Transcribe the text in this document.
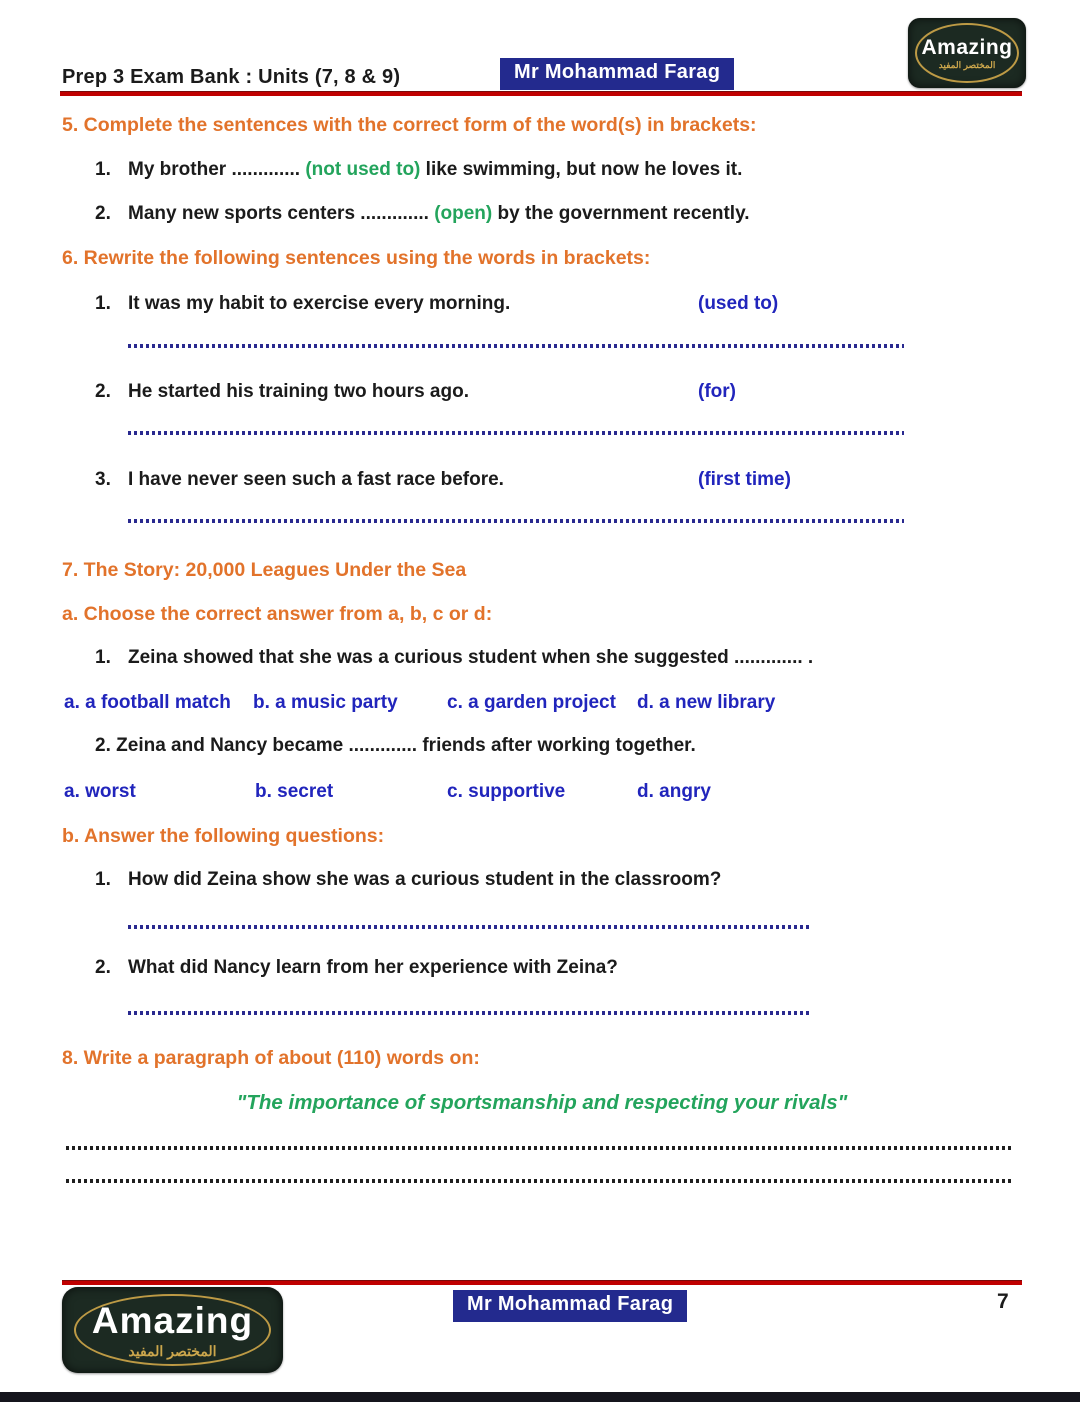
Prep 3 Exam Bank : Units (7, 8 & 9)	Mr Mohammad Farag
Amazing
المختصر المفيد
5. Complete the sentences with the correct form of the word(s) in brackets:
1. My brother ............. (not used to) like swimming, but now he loves it.
2. Many new sports centers ............. (open) by the government recently.
6. Rewrite the following sentences using the words in brackets:
1. It was my habit to exercise every morning.	(used to)
2. He started his training two hours ago.	(for)
3. I have never seen such a fast race before.	(first time)
7. The Story: 20,000 Leagues Under the Sea
a. Choose the correct answer from a, b, c or d:
1. Zeina showed that she was a curious student when she suggested ............. .
a. a football match b. a music party	c. a garden project d. a new library
2. Zeina and Nancy became ............. friends after working together.
a. worst	b. secret	c. supportive	d. angry
b. Answer the following questions:
1. How did Zeina show she was a curious student in the classroom?
2. What did Nancy learn from her experience with Zeina?
8. Write a paragraph of about (110) words on:
"The importance of sportsmanship and respecting your rivals"
Amazing
المختصر المفيد
Mr Mohammad Farag	7
